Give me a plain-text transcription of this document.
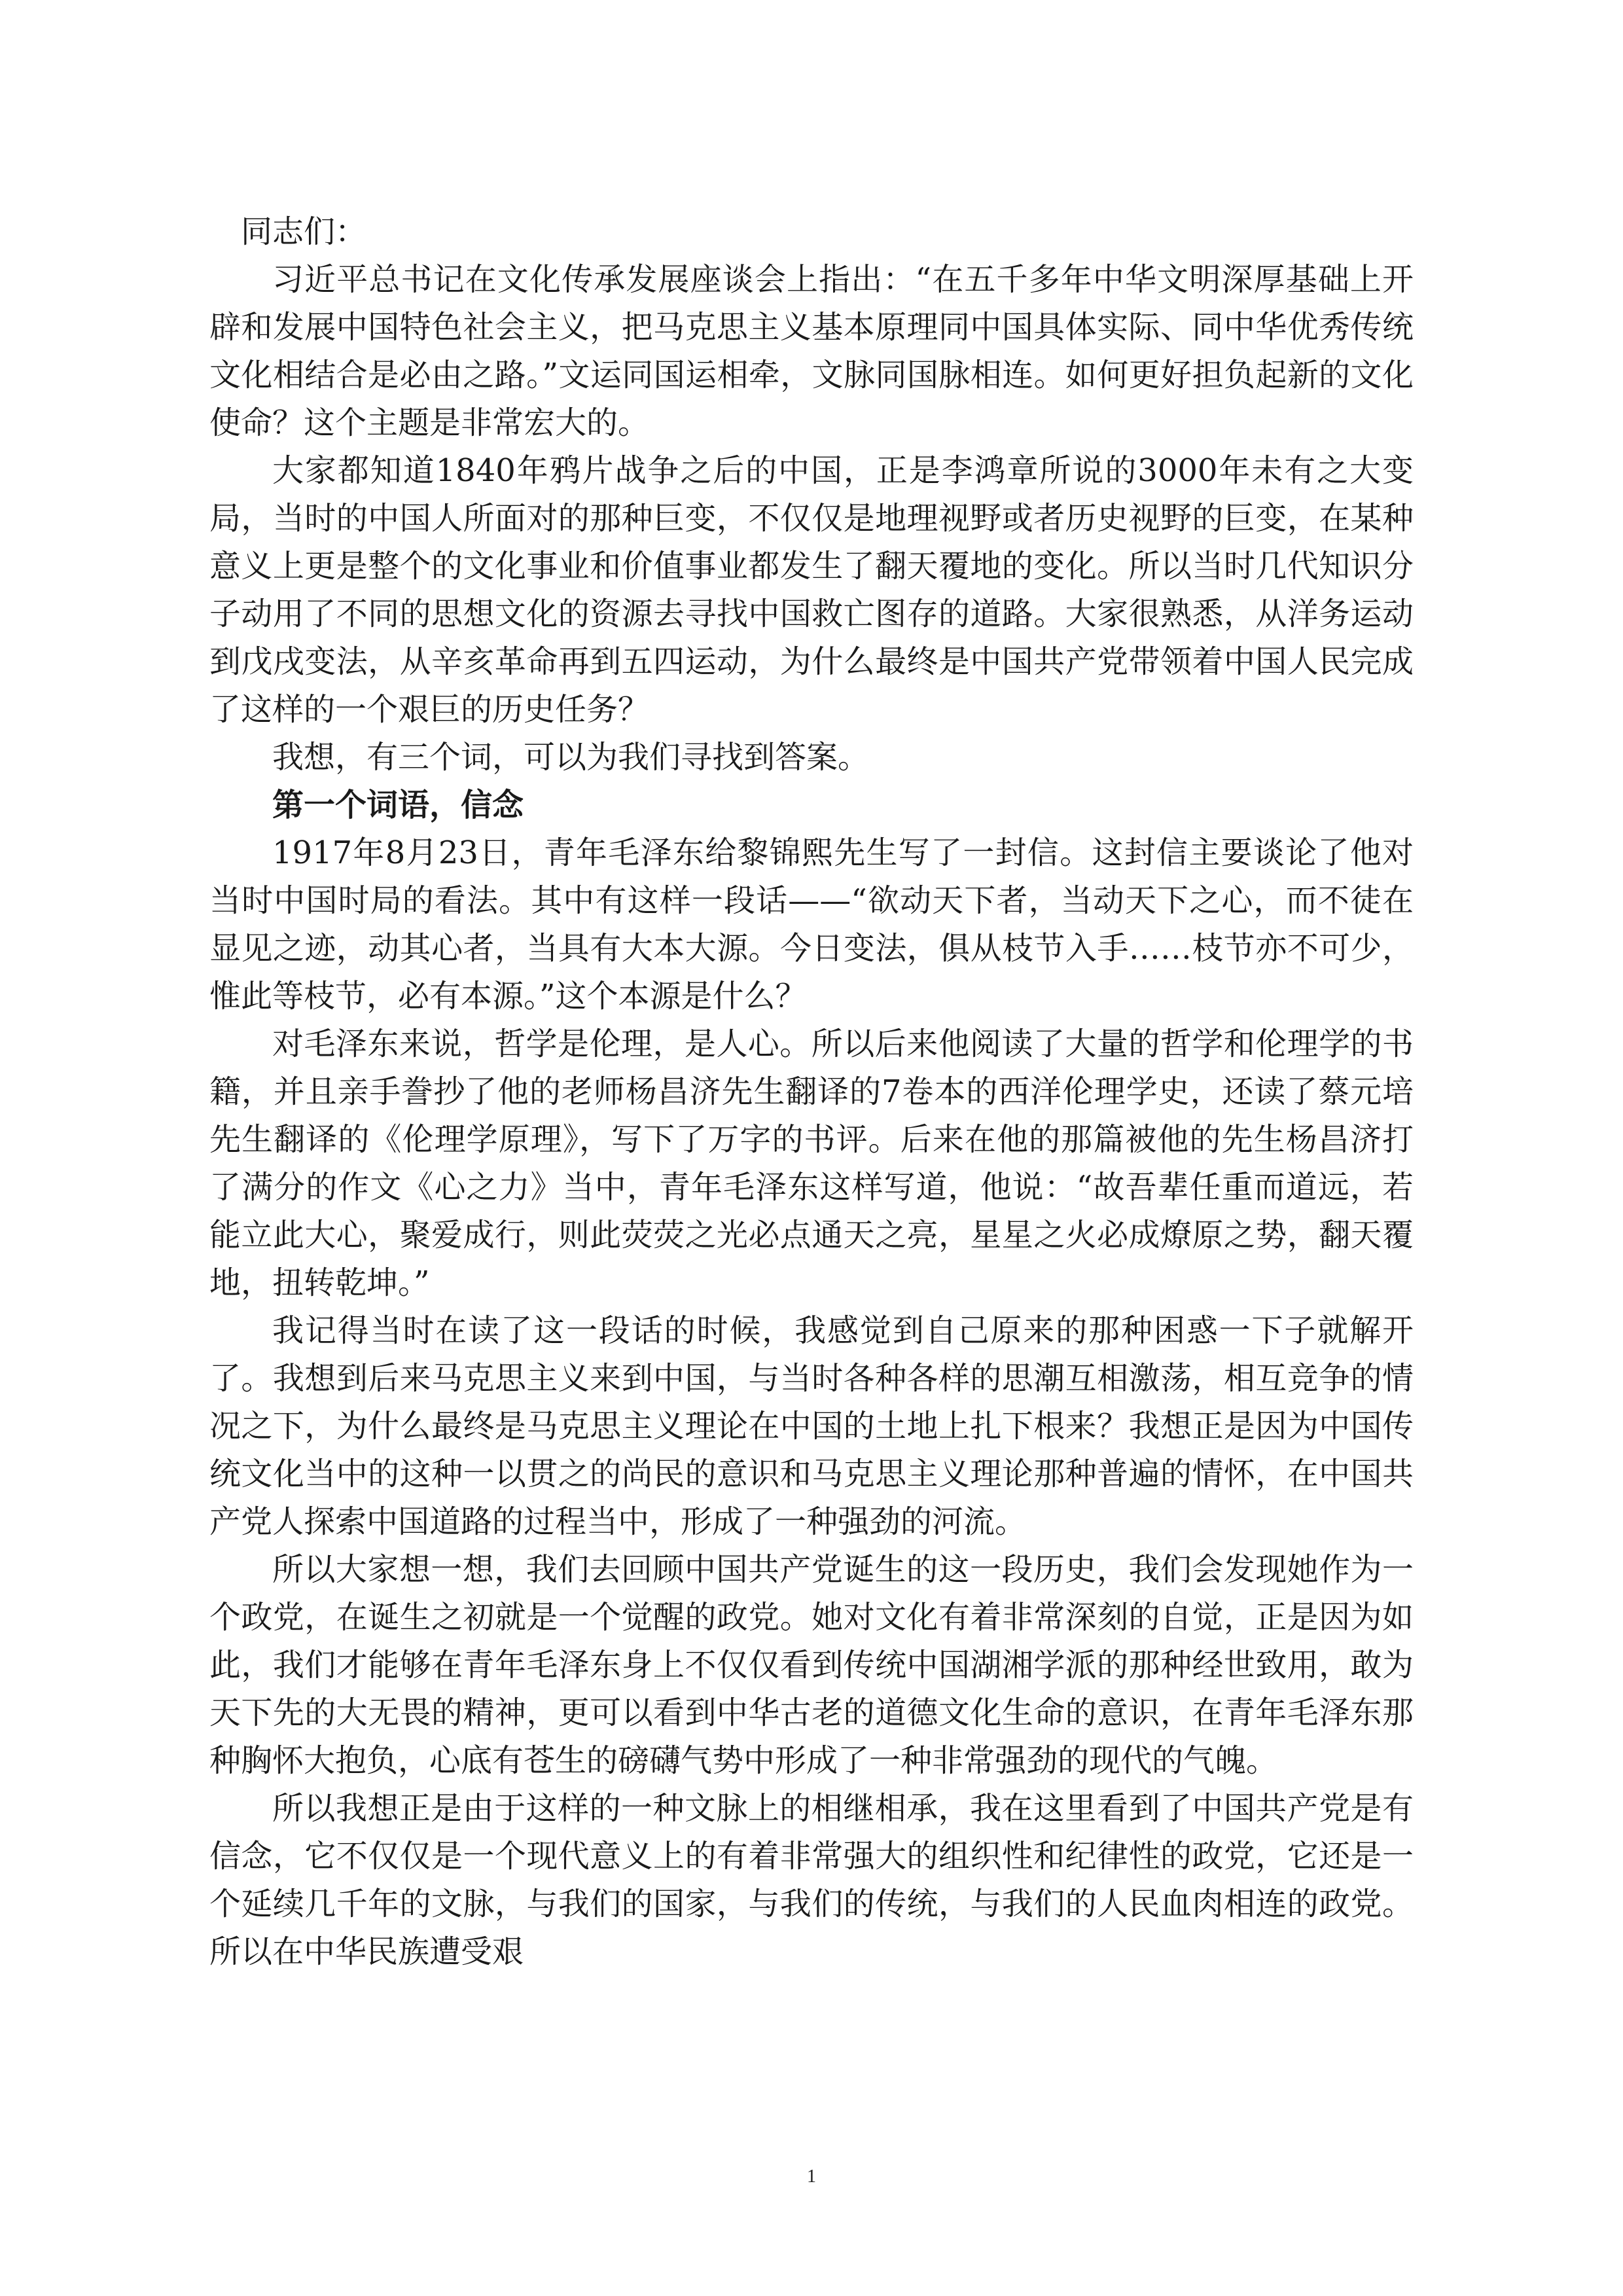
同志们：

习近平总书记在文化传承发展座谈会上指出：“在五千多年中华文明深厚基础上开辟和发展中国特色社会主义，把马克思主义基本原理同中国具体实际、同中华优秀传统文化相结合是必由之路。”文运同国运相牵，文脉同国脉相连。如何更好担负起新的文化使命？这个主题是非常宏大的。

大家都知道1840年鸦片战争之后的中国，正是李鸿章所说的3000年未有之大变局，当时的中国人所面对的那种巨变，不仅仅是地理视野或者历史视野的巨变，在某种意义上更是整个的文化事业和价值事业都发生了翻天覆地的变化。所以当时几代知识分子动用了不同的思想文化的资源去寻找中国救亡图存的道路。大家很熟悉，从洋务运动到戊戌变法，从辛亥革命再到五四运动，为什么最终是中国共产党带领着中国人民完成了这样的一个艰巨的历史任务？

我想，有三个词，可以为我们寻找到答案。

第一个词语，信念

1917年8月23日，青年毛泽东给黎锦熙先生写了一封信。这封信主要谈论了他对当时中国时局的看法。其中有这样一段话——“欲动天下者，当动天下之心，而不徒在显见之迹，动其心者，当具有大本大源。今日变法，俱从枝节入手……枝节亦不可少，惟此等枝节，必有本源。”这个本源是什么？

对毛泽东来说，哲学是伦理，是人心。所以后来他阅读了大量的哲学和伦理学的书籍，并且亲手誊抄了他的老师杨昌济先生翻译的7卷本的西洋伦理学史，还读了蔡元培先生翻译的《伦理学原理》，写下了万字的书评。后来在他的那篇被他的先生杨昌济打了满分的作文《心之力》当中，青年毛泽东这样写道，他说：“故吾辈任重而道远，若能立此大心，聚爱成行，则此荧荧之光必点通天之亮，星星之火必成燎原之势，翻天覆地，扭转乾坤。”

我记得当时在读了这一段话的时候，我感觉到自己原来的那种困惑一下子就解开了。我想到后来马克思主义来到中国，与当时各种各样的思潮互相激荡，相互竞争的情况之下，为什么最终是马克思主义理论在中国的土地上扎下根来？我想正是因为中国传统文化当中的这种一以贯之的尚民的意识和马克思主义理论那种普遍的情怀，在中国共产党人探索中国道路的过程当中，形成了一种强劲的河流。

所以大家想一想，我们去回顾中国共产党诞生的这一段历史，我们会发现她作为一个政党，在诞生之初就是一个觉醒的政党。她对文化有着非常深刻的自觉，正是因为如此，我们才能够在青年毛泽东身上不仅仅看到传统中国湖湘学派的那种经世致用，敢为天下先的大无畏的精神，更可以看到中华古老的道德文化生命的意识，在青年毛泽东那种胸怀大抱负，心底有苍生的磅礴气势中形成了一种非常强劲的现代的气魄。

所以我想正是由于这样的一种文脉上的相继相承，我在这里看到了中国共产党是有信念，它不仅仅是一个现代意义上的有着非常强大的组织性和纪律性的政党，它还是一个延续几千年的文脉，与我们的国家，与我们的传统，与我们的人民血肉相连的政党。所以在中华民族遭受艰

1
